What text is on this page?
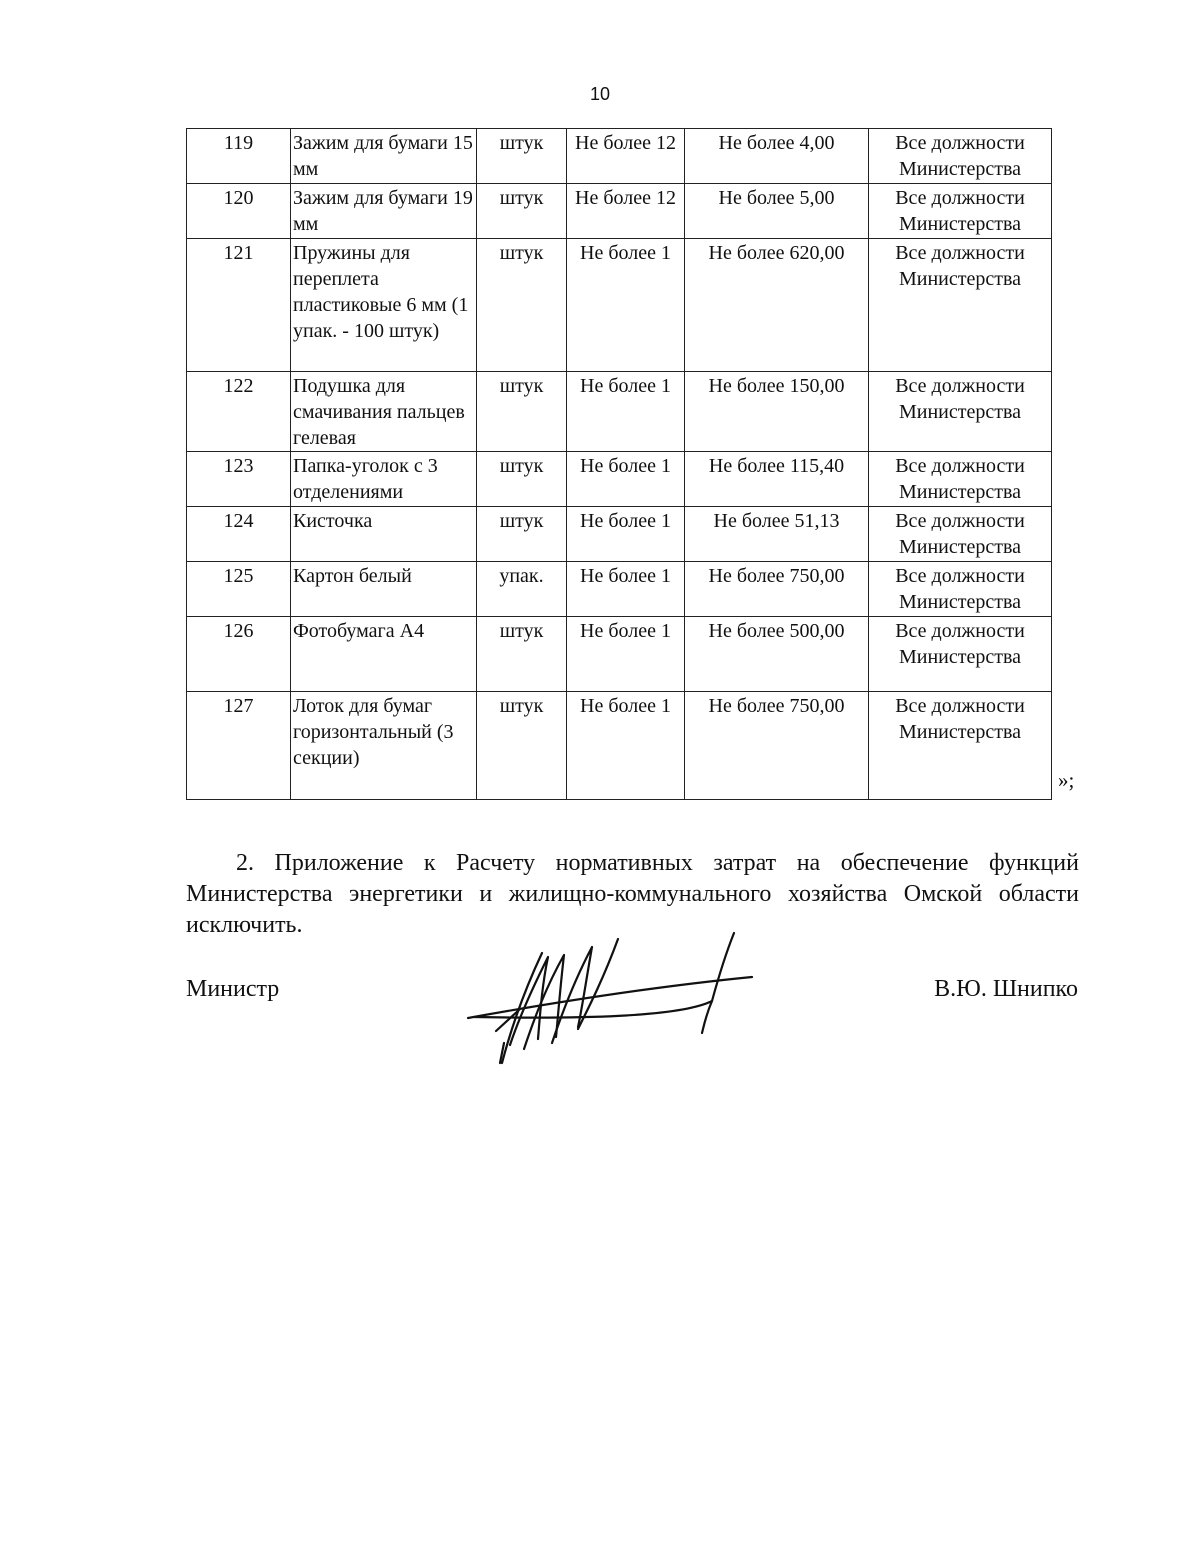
10
119	Зажим для бумаги 15 мм	штук	Не более 12	Не более 4,00	Все должности Министерства
120	Зажим для бумаги 19 мм	штук	Не более 12	Не более 5,00	Все должности Министерства
121	Пружины для переплета пластиковые 6 мм (1 упак. - 100 штук)	штук	Не более 1	Не более 620,00	Все должности Министерства
122	Подушка для смачивания пальцев гелевая	штук	Не более 1	Не более 150,00	Все должности Министерства
123	Папка-уголок с 3 отделениями	штук	Не более 1	Не более 115,40	Все должности Министерства
124	Кисточка	штук	Не более 1	Не более 51,13	Все должности Министерства
125	Картон белый	упак.	Не более 1	Не более 750,00	Все должности Министерства
126	Фотобумага А4	штук	Не более 1	Не более 500,00	Все должности Министерства
127	Лоток для бумаг горизонтальный (3 секции)	штук	Не более 1	Не более 750,00	Все должности Министерства
»;

2. Приложение к Расчету нормативных затрат на обеспечение функций Министерства энергетики и жилищно-коммунального хозяйства Омской области исключить.

Министр	В.Ю. Шнипко
